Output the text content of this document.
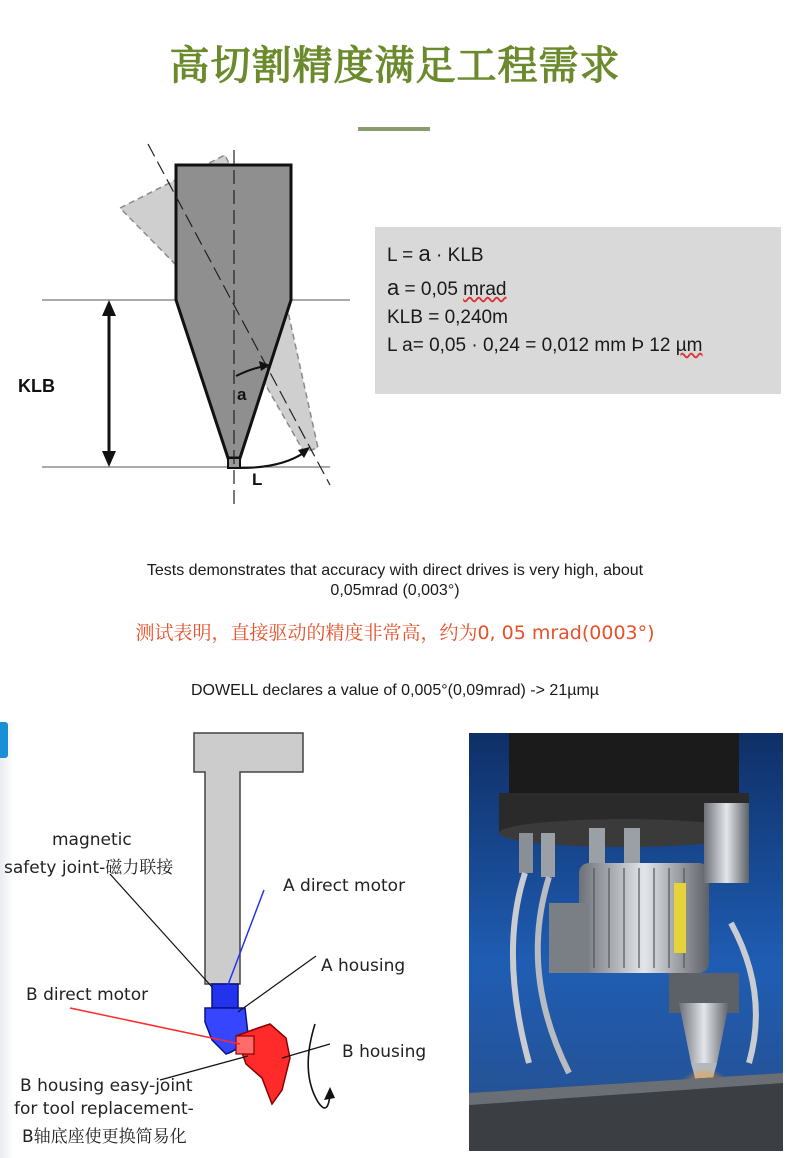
高切割精度满足工程需求
KLB	a
L
L = a · KLB
a = 0,05 mrad
KLB = 0,240m
L a= 0,05 · 0,24 = 0,012 mm Þ 12 µm
Tests demonstrates that accuracy with direct drives is very high, about
0,05mrad (0,003°)
测试表明，直接驱动的精度非常高，约为0, 05 mrad(0003°)
DOWELL declares a value of 0,005°(0,09mrad) -> 21µmµ
magnetic
safety joint-磁力联接
A direct motor
A housing
B direct motor
B housing
B housing easy-joint
for tool replacement-
B轴底座使更换简易化
